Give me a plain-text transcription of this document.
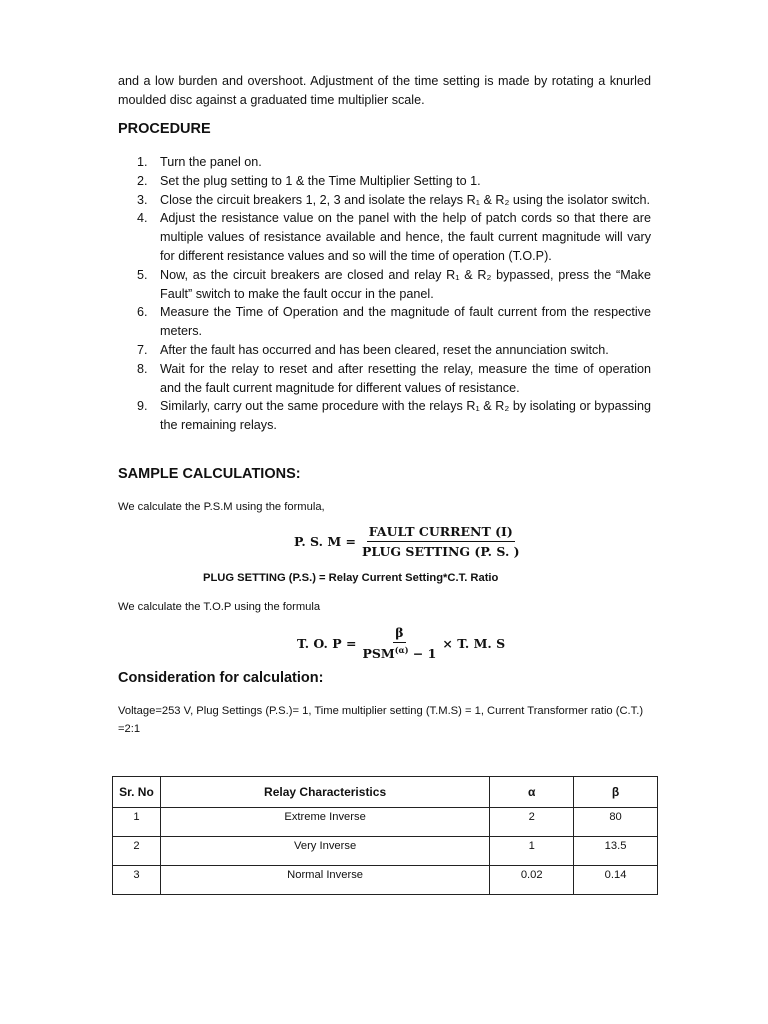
and a low burden and overshoot. Adjustment of the time setting is made by rotating a knurled moulded disc against a graduated time multiplier scale.
PROCEDURE
1. Turn the panel on.
2. Set the plug setting to 1 & the Time Multiplier Setting to 1.
3. Close the circuit breakers 1, 2, 3 and isolate the relays R₁ & R₂ using the isolator switch.
4. Adjust the resistance value on the panel with the help of patch cords so that there are multiple values of resistance available and hence, the fault current magnitude will vary for different resistance values and so will the time of operation (T.O.P).
5. Now, as the circuit breakers are closed and relay R₁ & R₂ bypassed, press the “Make Fault” switch to make the fault occur in the panel.
6. Measure the Time of Operation and the magnitude of fault current from the respective meters.
7. After the fault has occurred and has been cleared, reset the annunciation switch.
8. Wait for the relay to reset and after resetting the relay, measure the time of operation and the fault current magnitude for different values of resistance.
9. Similarly, carry out the same procedure with the relays R₁ & R₂ by isolating or bypassing the remaining relays.
SAMPLE CALCULATIONS:
We calculate the P.S.M using the formula,
P. S. $M = \frac{\text{FAULT CURRENT (I)}}{\text{PLUG SETTING (P. S. )}}$
PLUG SETTING (P.S.) = Relay Current Setting*C.T. Ratio
We calculate the T.O.P using the formula
T. O. $P = \frac{\beta}{PSM^{(\alpha)} - 1} \times T$. M. S
Consideration for calculation:
Voltage=253 V, Plug Settings (P.S.)= 1, Time multiplier setting (T.M.S) = 1, Current Transformer ratio (C.T.) =2:1
Sr. No	Relay Characteristics	α	β
1	Extreme Inverse	2	80
2	Very Inverse	1	13.5
3	Normal Inverse	0.02	0.14
